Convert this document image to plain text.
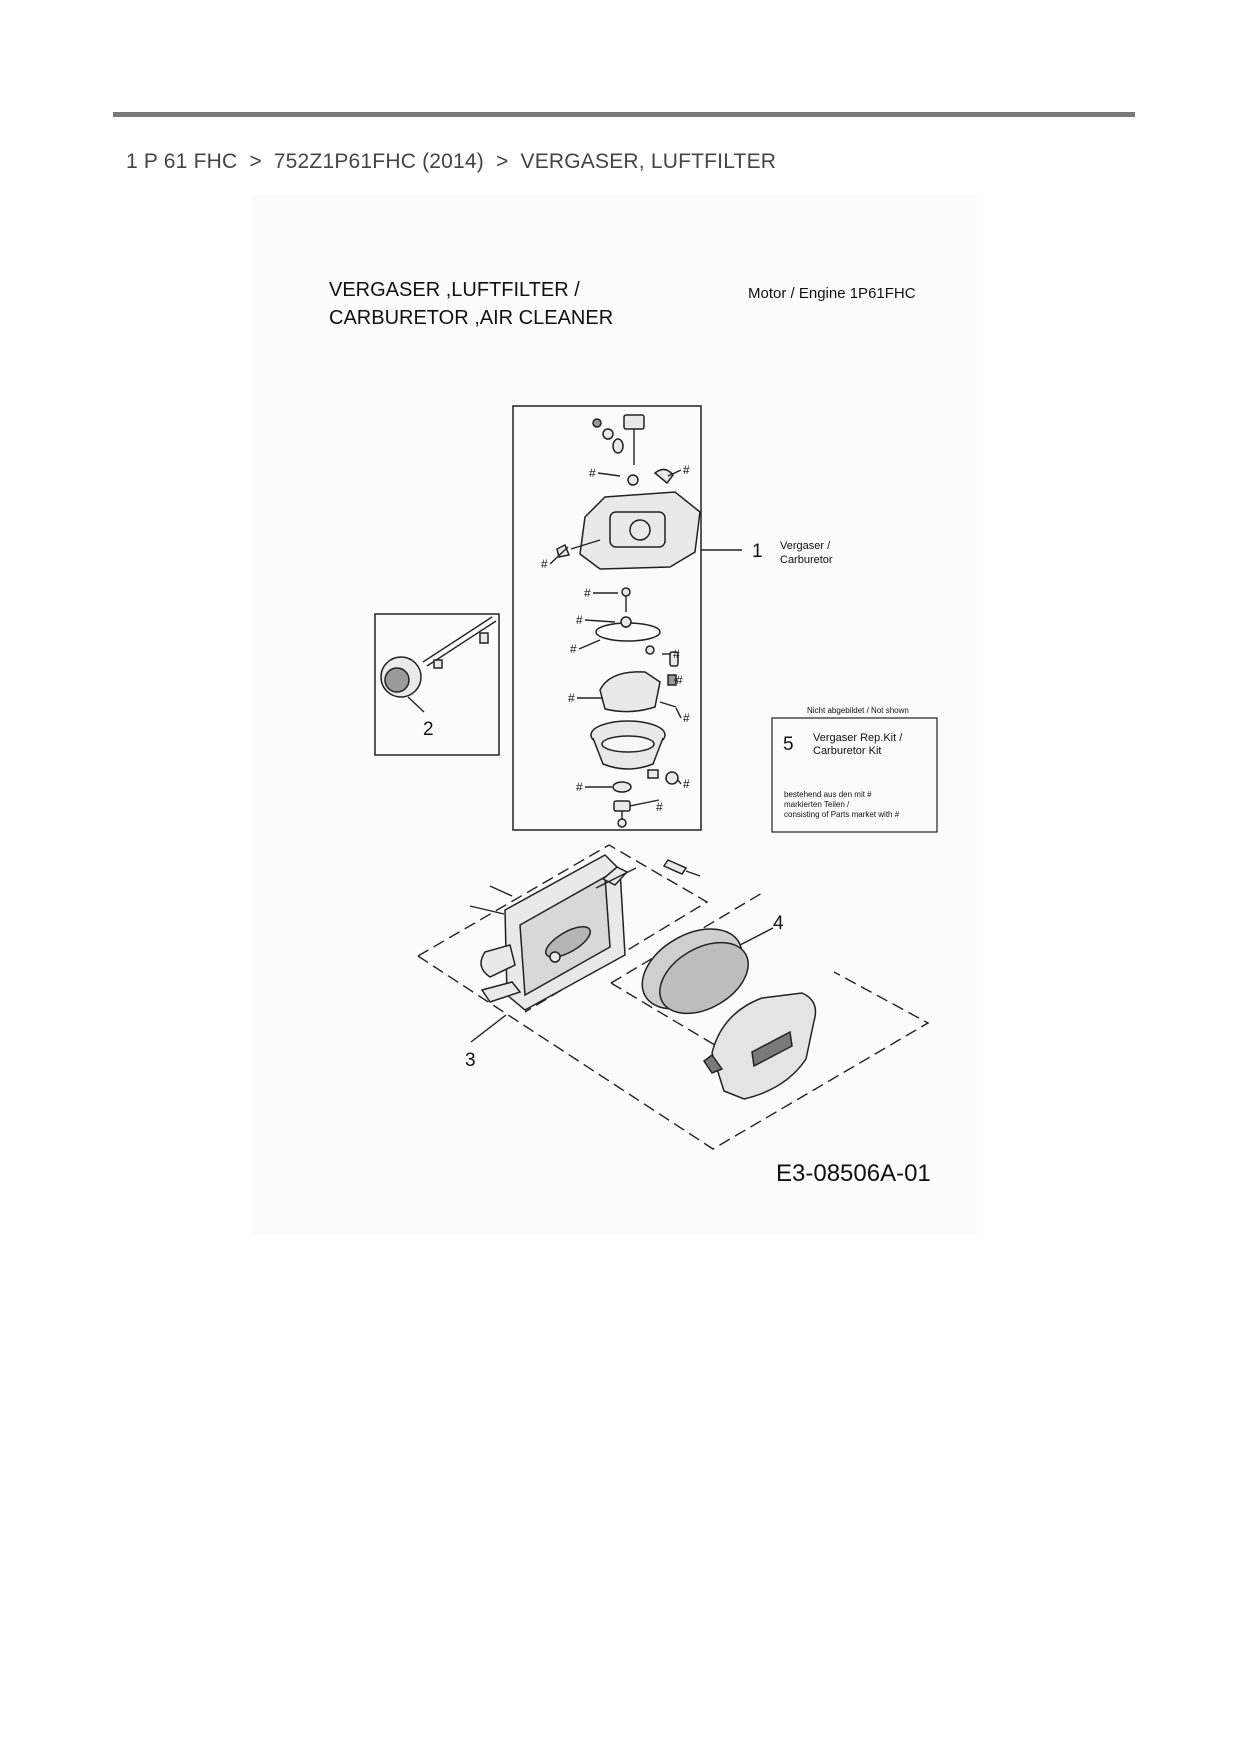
1 P 61 FHC > 752Z1P61FHC (2014) > VERGASER, LUFTFILTER
VERGASER ,LUFTFILTER /
CARBURETOR ,AIR CLEANER
Motor / Engine 1P61FHC
#	#
#
#
#
#	#
#
#
#
#	#
#
1 Vergaser /
Carburetor
2
Nicht abgebildet / Not shown
5 Vergaser Rep.Kit /
Carburetor Kit
bestehend aus den mit #
markierten Teilen /
consisting of Parts market with #
4
3
E3-08506A-01
